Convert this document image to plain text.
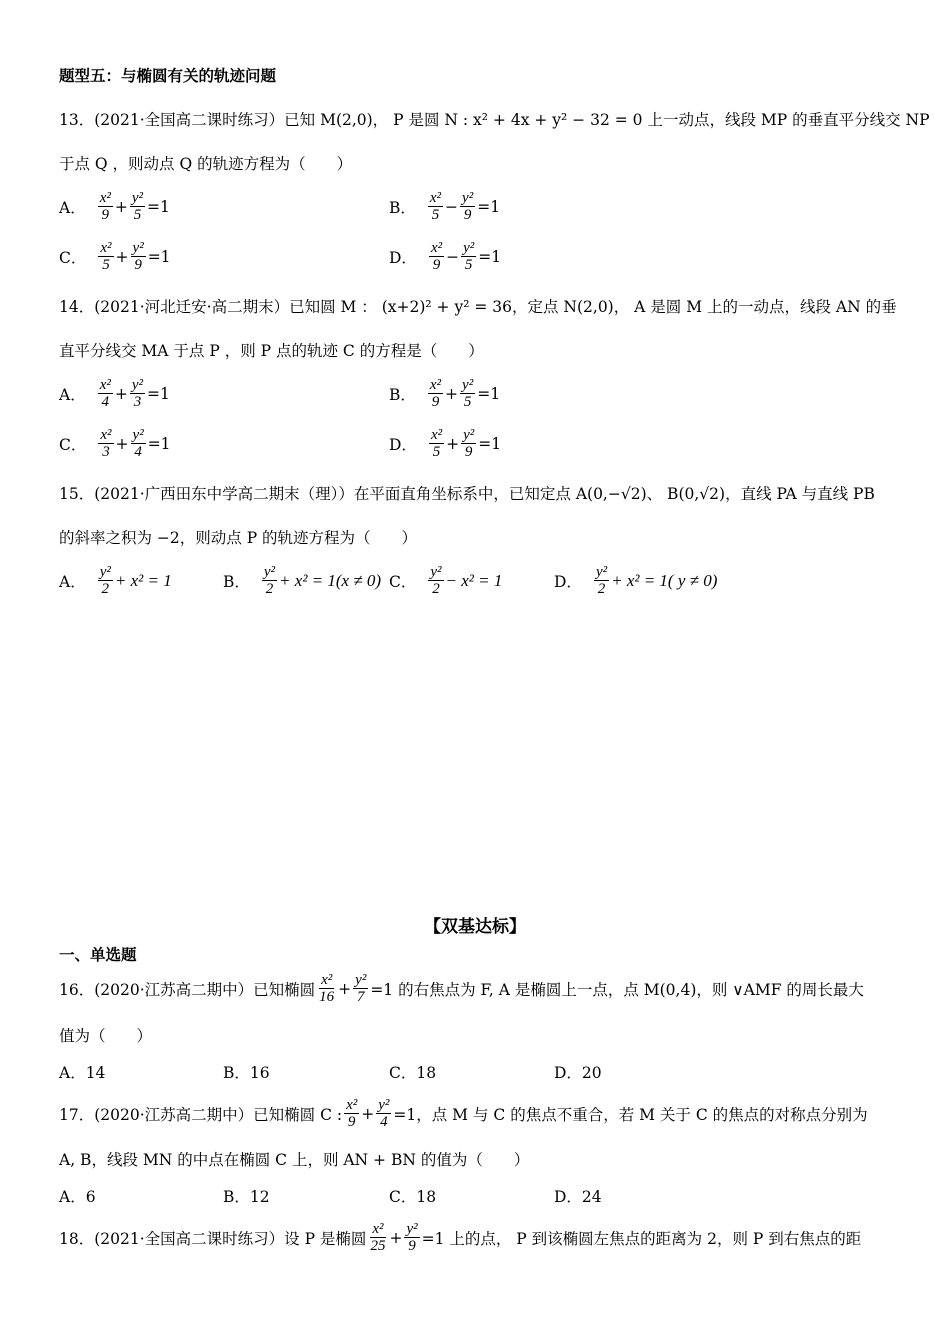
题型五：与椭圆有关的轨迹问题
13．(2021·全国高二课时练习）已知 M(2,0)， P 是圆 N : x² + 4x + y² − 32 = 0 上一动点，线段 MP 的垂直平分线交 NP
于点 Q ，则动点 Q 的轨迹方程为（　　）
A． $\frac{\text{x²}}{9} + \frac{\text{y²}}{5} =1$	B． $\frac{\text{x²}}{5} - \frac{\text{y²}}{9} =1$
C． $\frac{\text{x²}}{5} + \frac{\text{y²}}{9} =1$	D． $\frac{\text{x²}}{9} - \frac{\text{y²}}{5} =1$
14．(2021·河北迁安·高二期末）已知圆 M ： (x+2)² + y² = 36，定点 N(2,0)， A 是圆 M 上的一动点，线段 AN 的垂
直平分线交 MA 于点 P ，则 P 点的轨迹 C 的方程是（　　）
A． $\frac{\text{x²}}{4} + \frac{\text{y²}}{3} =1$	B． $\frac{\text{x²}}{9} + \frac{\text{y²}}{5} =1$
C． $\frac{\text{x²}}{3} + \frac{\text{y²}}{4} =1$	D． $\frac{\text{x²}}{5} + \frac{\text{y²}}{9} =1$
15．(2021·广西田东中学高二期末（理））在平面直角坐标系中，已知定点 A(0,−√2)、 B(0,√2)，直线 PA 与直线 PB
的斜率之积为 −2，则动点 P 的轨迹方程为（　　）
A． $\frac{\text{y²}}{2} + x^2 = 1$	B． $\frac{\text{y²}}{2} + x^2 = 1(x \ne 0)$ C． $\frac{\text{y²}}{2} - x^2 = 1$	D． $\frac{\text{y²}}{2} + x^2 = 1$( y ≠ 0)
【双基达标】
一、单选题
16．(2020·江苏高二期中）已知椭圆 $\frac{\text{x²}}{16} + \frac{\text{y²}}{7} =1$ 的右焦点为 F, A 是椭圆上一点，点 M(0,4)，则 ∨AMF 的周长最大
值为（　　）
A．14	B．16	C．18	D．20
17．(2020·江苏高二期中）已知椭圆 C : $\frac{\text{x²}}{9} + \frac{\text{y²}}{4} =1$，点 M 与 C 的焦点不重合，若 M 关于 C 的焦点的对称点分别为
A, B，线段 MN 的中点在椭圆 C 上，则 AN + BN 的值为（　　）
A．6	B．12	C．18	D．24
18．(2021·全国高二课时练习）设 P 是椭圆 $\frac{\text{x²}}{25} + \frac{\text{y²}}{9} =1$ 上的点， P 到该椭圆左焦点的距离为 2，则 P 到右焦点的距
